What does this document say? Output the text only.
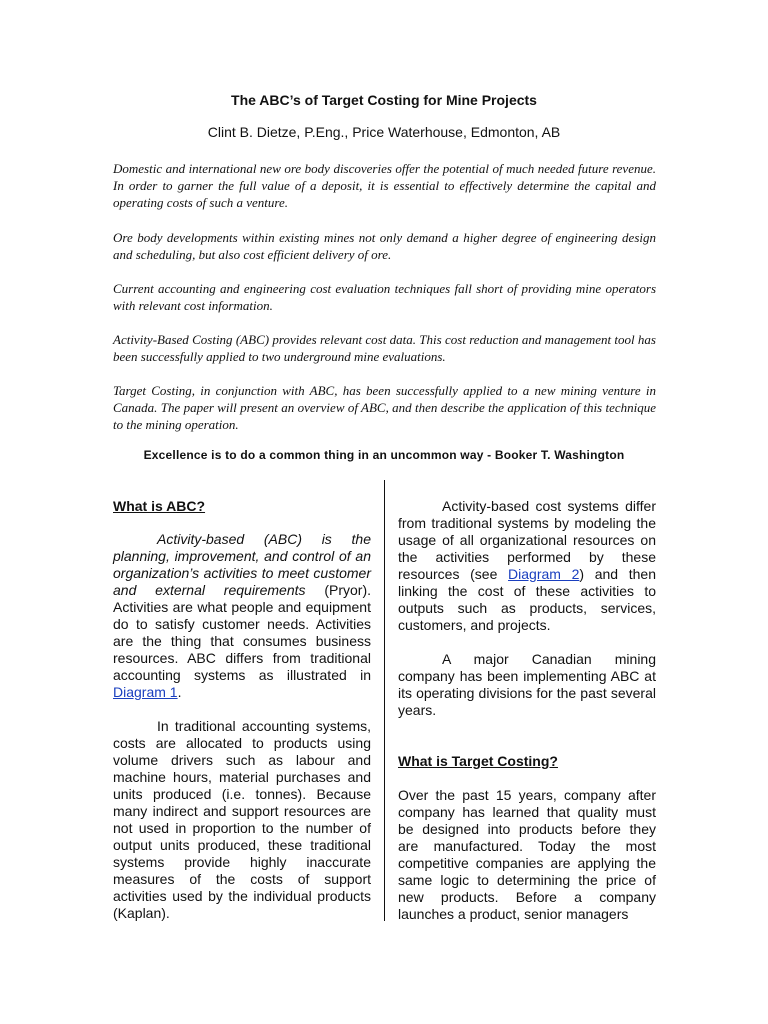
The ABC’s of Target Costing for Mine Projects
Clint B. Dietze, P.Eng., Price Waterhouse, Edmonton, AB

Domestic and international new ore body discoveries offer the potential of much needed future revenue. In order to garner the full value of a deposit, it is essential to effectively determine the capital and operating costs of such a venture.

Ore body developments within existing mines not only demand a higher degree of engineering design and scheduling, but also cost efficient delivery of ore.

Current accounting and engineering cost evaluation techniques fall short of providing mine operators with relevant cost information.

Activity-Based Costing (ABC) provides relevant cost data. This cost reduction and management tool has been successfully applied to two underground mine evaluations.

Target Costing, in conjunction with ABC, has been successfully applied to a new mining venture in Canada. The paper will present an overview of ABC, and then describe the application of this technique to the mining operation.

Excellence is to do a common thing in an uncommon way - Booker T. Washington
What is ABC?

Activity-based (ABC) is the planning, improvement, and control of an organization’s activities to meet customer and external requirements (Pryor). Activities are what people and equipment do to satisfy customer needs. Activities are the thing that consumes business resources. ABC differs from traditional accounting systems as illustrated in Diagram 1.

In traditional accounting systems, costs are allocated to products using volume drivers such as labour and machine hours, material purchases and units produced (i.e. tonnes). Because many indirect and support resources are not used in proportion to the number of output units produced, these traditional systems provide highly inaccurate measures of the costs of support activities used by the individual products (Kaplan).

Activity-based cost systems differ from traditional systems by modeling the usage of all organizational resources on the activities performed by these resources (see Diagram 2) and then linking the cost of these activities to outputs such as products, services, customers, and projects.

A major Canadian mining company has been implementing ABC at its operating divisions for the past several years.

What is Target Costing?

Over the past 15 years, company after company has learned that quality must be designed into products before they are manufactured. Today the most competitive companies are applying the same logic to determining the price of new products. Before a company launches a product, senior managers
